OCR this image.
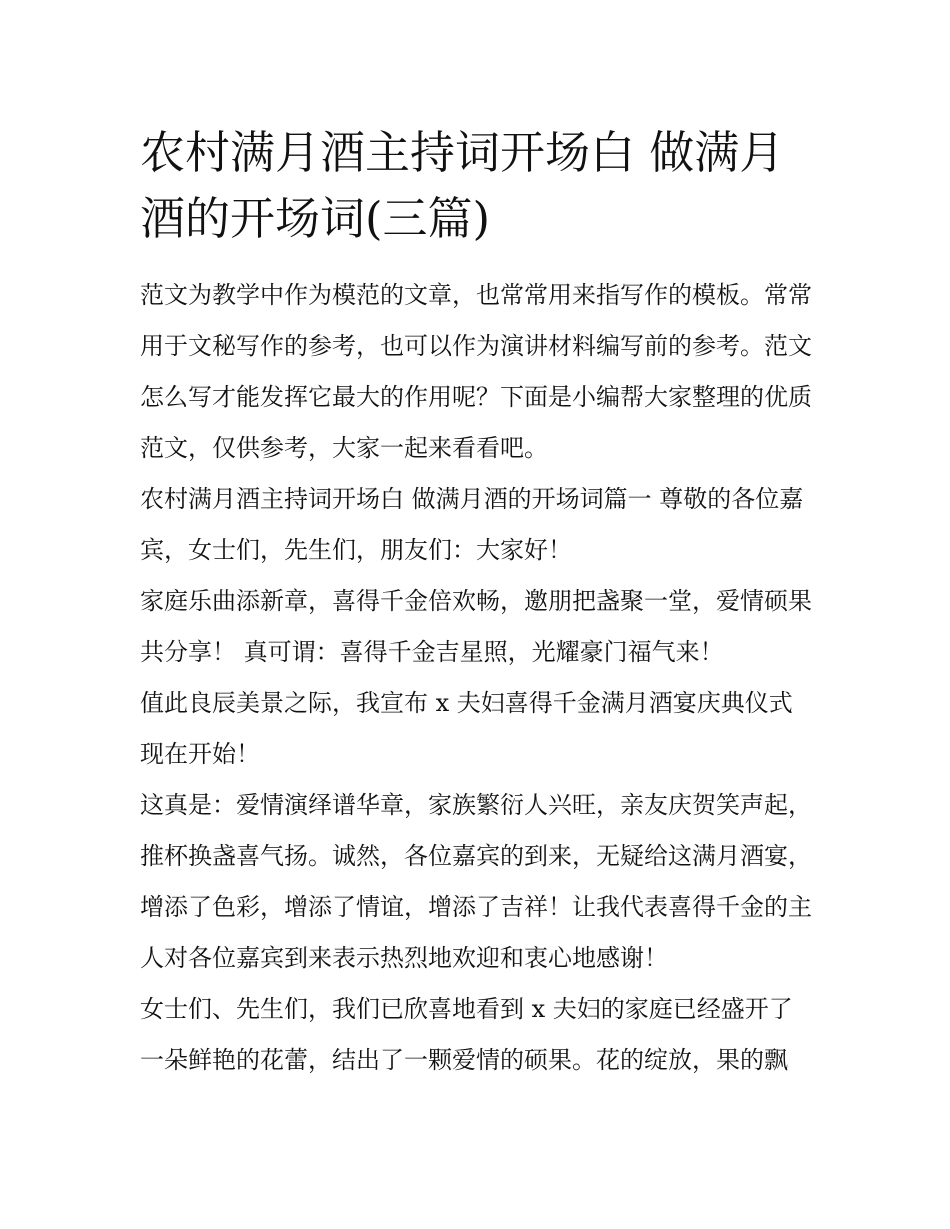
农村满月酒主持词开场白 做满月酒的开场词(三篇)

范文为教学中作为模范的文章，也常常用来指写作的模板。常常用于文秘写作的参考，也可以作为演讲材料编写前的参考。范文怎么写才能发挥它最大的作用呢？下面是小编帮大家整理的优质范文，仅供参考，大家一起来看看吧。

农村满月酒主持词开场白 做满月酒的开场词篇一 尊敬的各位嘉宾，女士们，先生们，朋友们：大家好！

家庭乐曲添新章，喜得千金倍欢畅，邀朋把盏聚一堂，爱情硕果共分享！ 真可谓：喜得千金吉星照，光耀豪门福气来！

值此良辰美景之际，我宣布 x 夫妇喜得千金满月酒宴庆典仪式现在开始！

这真是：爱情演绎谱华章，家族繁衍人兴旺，亲友庆贺笑声起，推杯换盏喜气扬。诚然，各位嘉宾的到来，无疑给这满月酒宴，增添了色彩，增添了情谊，增添了吉祥！让我代表喜得千金的主人对各位嘉宾到来表示热烈地欢迎和衷心地感谢！

女士们、先生们，我们已欣喜地看到 x 夫妇的家庭已经盛开了一朵鲜艳的花蕾，结出了一颗爱情的硕果。花的绽放，果的飘
